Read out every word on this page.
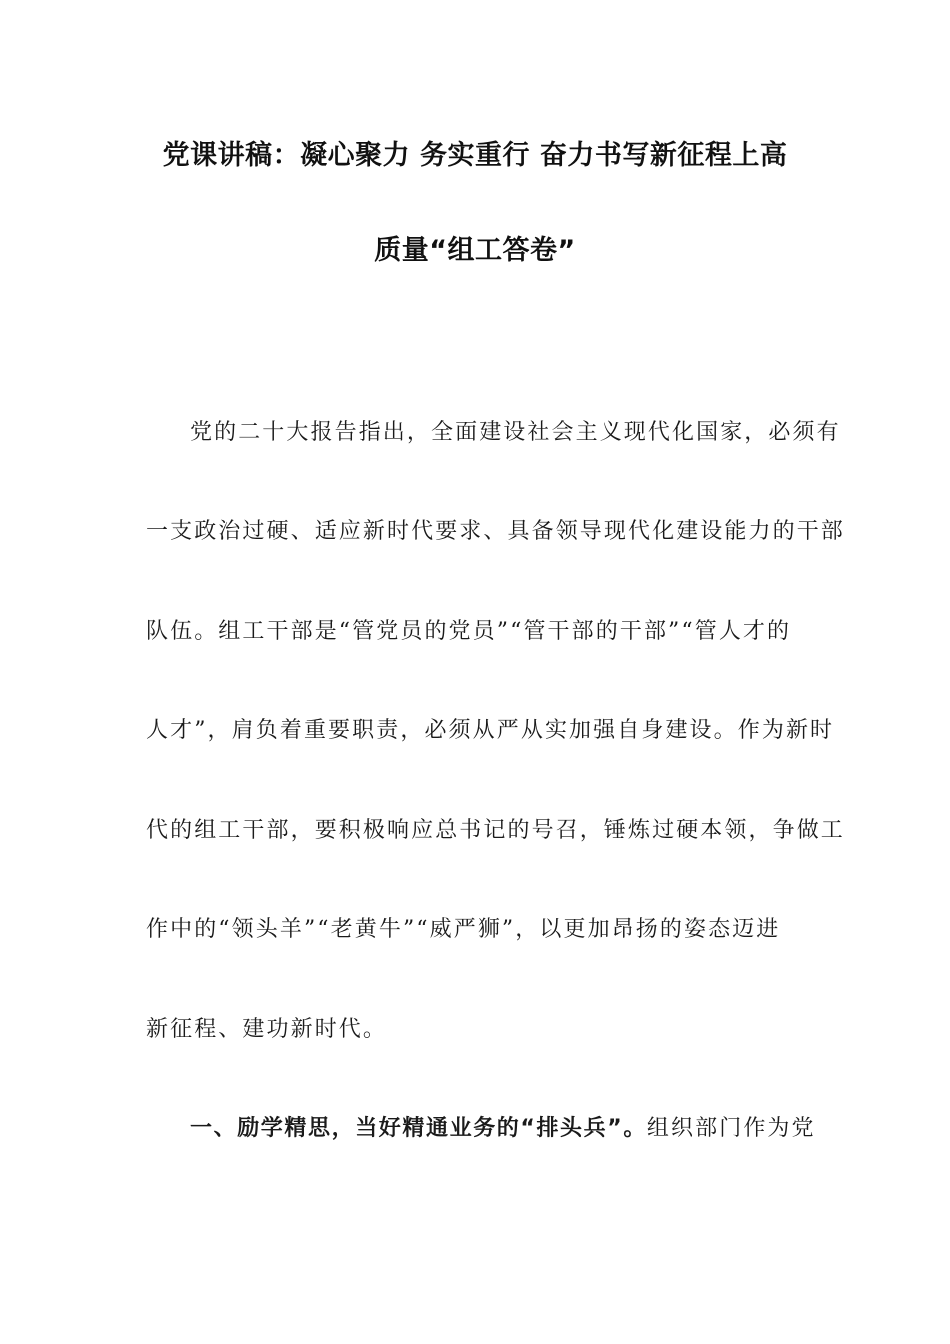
党课讲稿：凝心聚力 务实重行 奋力书写新征程上高
质量“组工答卷”
党的二十大报告指出，全面建设社会主义现代化国家，必须有
一支政治过硬、适应新时代要求、具备领导现代化建设能力的干部
队伍。组工干部是“管党员的党员”“管干部的干部”“管人才的
人才”，肩负着重要职责，必须从严从实加强自身建设。作为新时
代的组工干部，要积极响应总书记的号召，锤炼过硬本领，争做工
作中的“领头羊”“老黄牛”“威严狮”，以更加昂扬的姿态迈进
新征程、建功新时代。
一、励学精思，当好精通业务的“排头兵”。组织部门作为党
